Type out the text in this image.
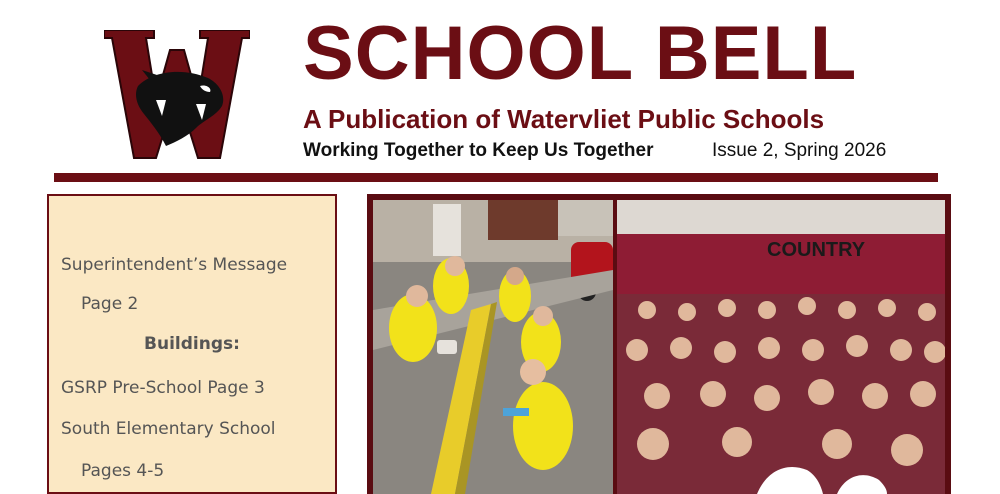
SCHOOL BELL
A Publication of Watervliet Public Schools
Working Together to Keep Us Together	Issue 2, Spring 2026
Superintendent’s Message
Page 2
Buildings:
GSRP Pre-School Page 3
South Elementary School
Pages 4-5
COUNTRY
